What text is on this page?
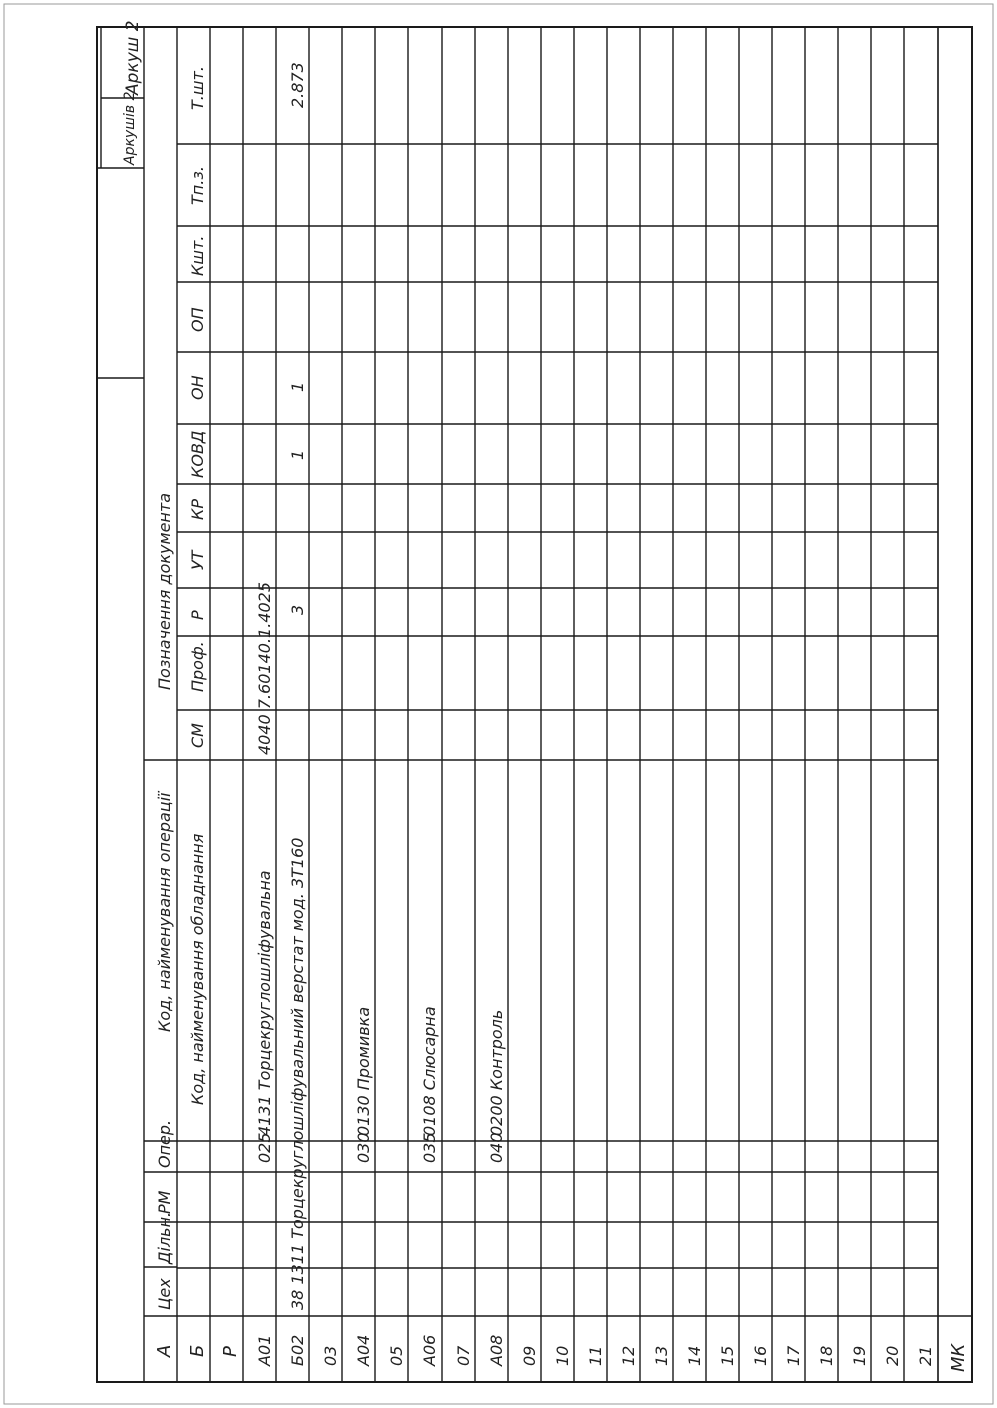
А
Цех
Дільн.
РМ
Опер.
Код, найменування операції
Позначення документа
Б
Код, найменування обладнання
СМ
Проф.
Р
УТ
КР
КОВД
ОН
ОП
Кшт.
Тп.з.
Т.шт.
Р
Аркуш 2
Аркушів 2
А01
025
4131 Торцекруглошліфувальна
4040 7.60140.1.4025
Б02
38 1311 Торцекруглошліфувальний верстат мод. 3Т160
3
1
1
2.873
03 А04
030
0130 Промивка
05 А06
035
0108 Слюсарна
07 А08
040
0200 Контроль
09 10 11 12 13 14 15 16 17 18 19 20 21 МК
